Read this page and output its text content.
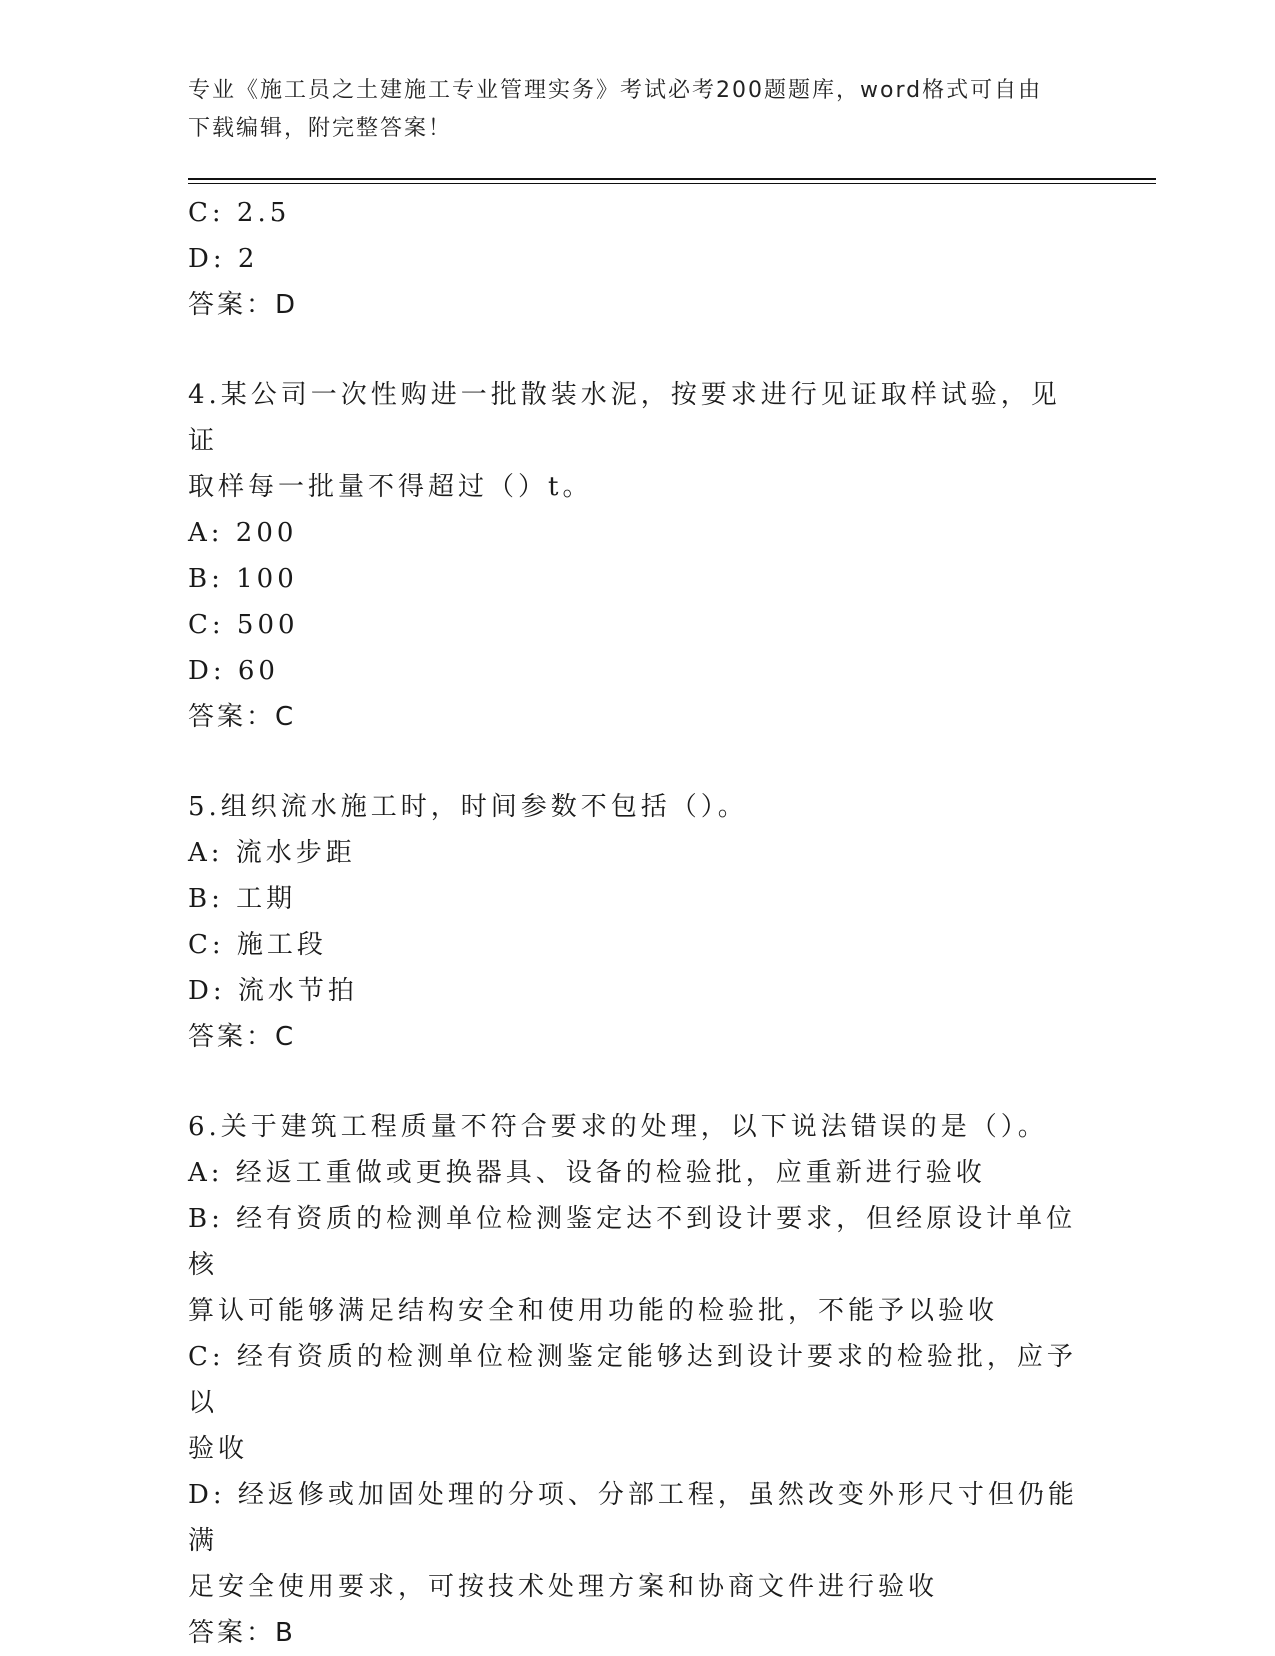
专业《施工员之土建施工专业管理实务》考试必考200题题库，word格式可自由
下载编辑，附完整答案！

C: 2.5

D: 2

答案：D

4.某公司一次性购进一批散装水泥，按要求进行见证取样试验，见证

取样每一批量不得超过（）t。

A: 200

B: 100

C: 500

D: 60

答案：C

5.组织流水施工时，时间参数不包括（）。

A: 流水步距

B: 工期

C: 施工段

D: 流水节拍

答案：C

6.关于建筑工程质量不符合要求的处理，以下说法错误的是（）。

A: 经返工重做或更换器具、设备的检验批，应重新进行验收

B: 经有资质的检测单位检测鉴定达不到设计要求，但经原设计单位核

算认可能够满足结构安全和使用功能的检验批，不能予以验收

C: 经有资质的检测单位检测鉴定能够达到设计要求的检验批，应予以

验收

D: 经返修或加固处理的分项、分部工程，虽然改变外形尺寸但仍能满

足安全使用要求，可按技术处理方案和协商文件进行验收

答案：B
